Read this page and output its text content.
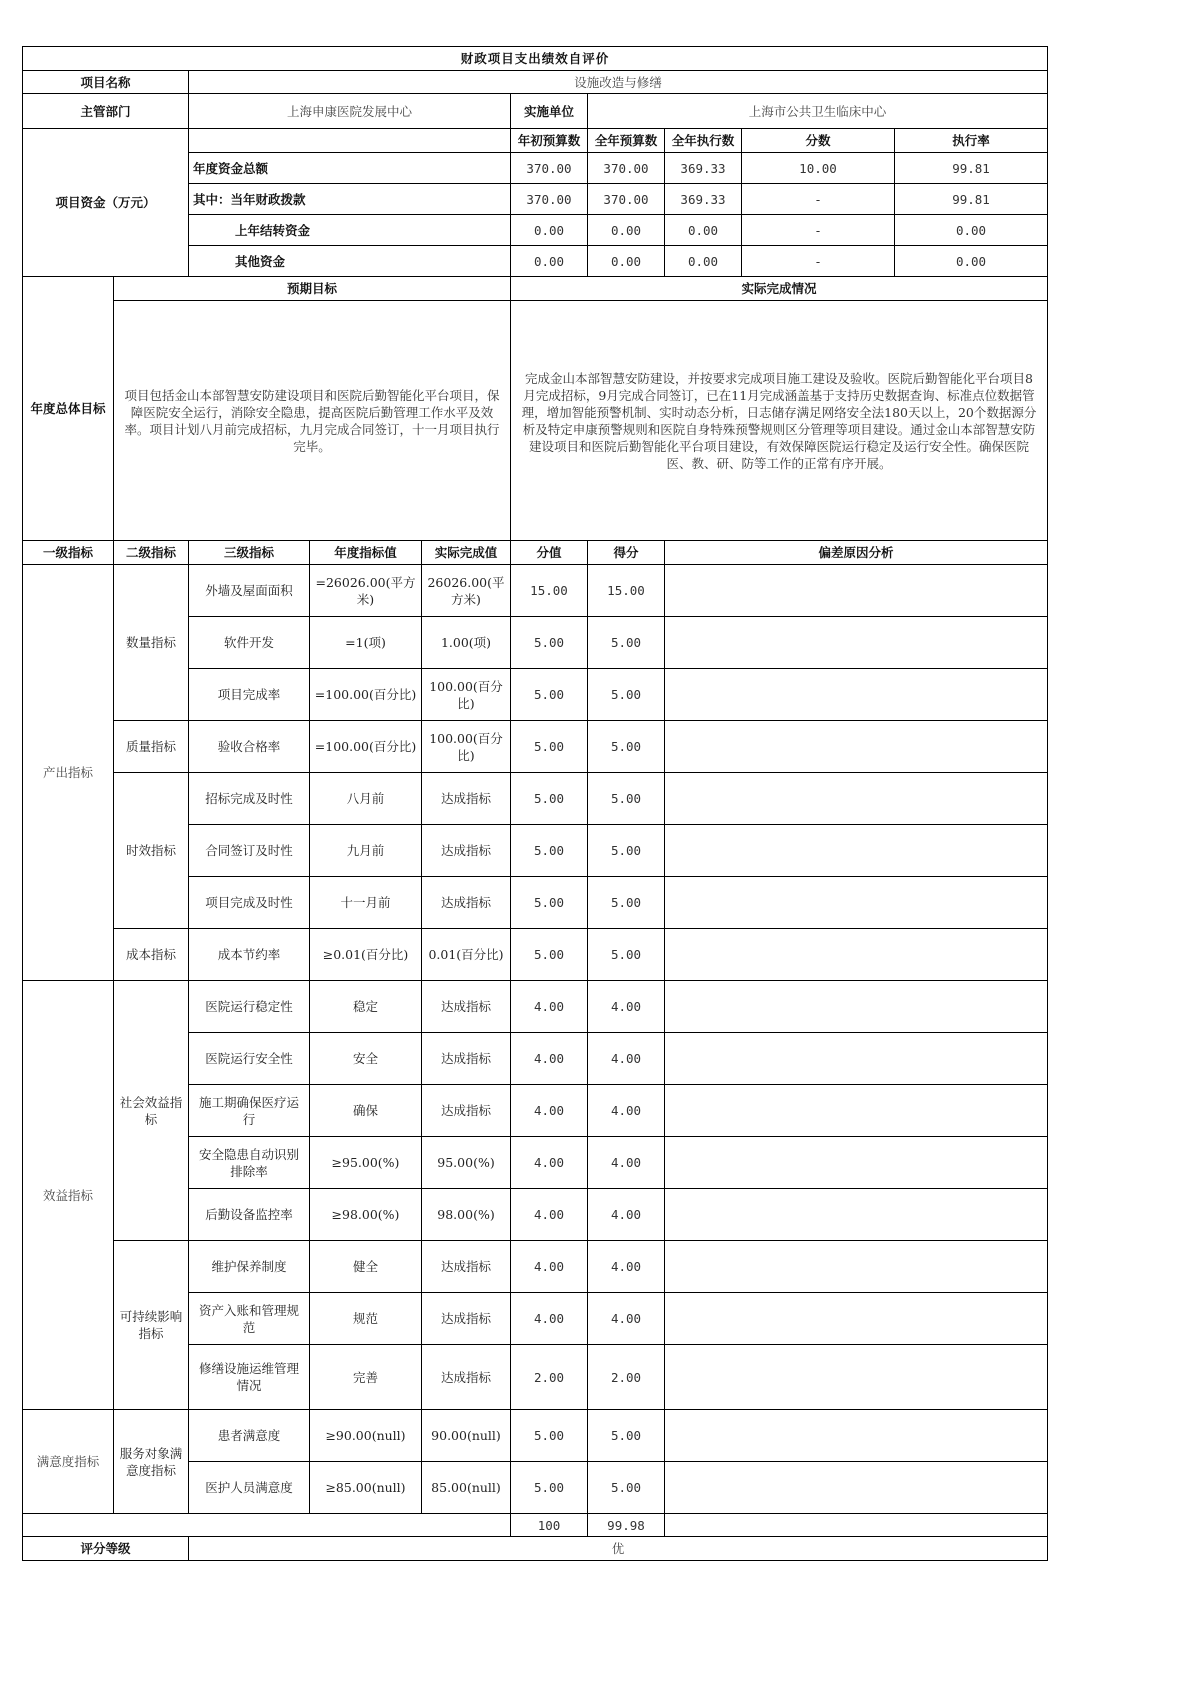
财政项目支出绩效自评价									
项目名称		设施改造与修缮							
主管部门		上海申康医院发展中心			实施单位	上海市公共卫生临床中心			
项目资金（万元）					年初预算数	全年预算数	全年执行数	分数	执行率
		年度资金总额			370.00	370.00	369.33	10.00	99.81
		其中：当年财政拨款			370.00	370.00	369.33	-	99.81
		上年结转资金			0.00	0.00	0.00	-	0.00
		其他资金			0.00	0.00	0.00	-	0.00
年度总体目标	预期目标				实际完成情况				
	项目包括金山本部智慧安防建设项目和医院后勤智能化平台项目，保障医院安全运行，消除安全隐患，提高医院后勤管理工作水平及效率。项目计划八月前完成招标，九月完成合同签订，十一月项目执行完毕。				完成金山本部智慧安防建设，并按要求完成项目施工建设及验收。医院后勤智能化平台项目8月完成招标，9月完成合同签订，已在11月完成涵盖基于支持历史数据查询、标准点位数据管理，增加智能预警机制、实时动态分析，日志储存满足网络安全法180天以上，20个数据源分析及特定申康预警规则和医院自身特殊预警规则区分管理等项目建设。通过金山本部智慧安防建设项目和医院后勤智能化平台项目建设，有效保障医院运行稳定及运行安全性。确保医院医、教、研、防等工作的正常有序开展。				
一级指标	二级指标	三级指标	年度指标值	实际完成值	分值	得分	偏差原因分析		
产出指标	数量指标	外墙及屋面面积	=26026.00(平方米)	26026.00(平方米)	15.00	15.00			
		软件开发	=1(项)	1.00(项)	5.00	5.00			
		项目完成率	=100.00(百分比)	100.00(百分比)	5.00	5.00			
	质量指标	验收合格率	=100.00(百分比)	100.00(百分比)	5.00	5.00			
	时效指标	招标完成及时性	八月前	达成指标	5.00	5.00			
		合同签订及时性	九月前	达成指标	5.00	5.00			
		项目完成及时性	十一月前	达成指标	5.00	5.00			
	成本指标	成本节约率	≥0.01(百分比)	0.01(百分比)	5.00	5.00			
效益指标	社会效益指标	医院运行稳定性	稳定	达成指标	4.00	4.00			
		医院运行安全性	安全	达成指标	4.00	4.00			
		施工期确保医疗运行	确保	达成指标	4.00	4.00			
		安全隐患自动识别排除率	≥95.00(%)	95.00(%)	4.00	4.00			
		后勤设备监控率	≥98.00(%)	98.00(%)	4.00	4.00			
	可持续影响指标	维护保养制度	健全	达成指标	4.00	4.00			
		资产入账和管理规范	规范	达成指标	4.00	4.00			
		修缮设施运维管理情况	完善	达成指标	2.00	2.00			
满意度指标	服务对象满意度指标	患者满意度	≥90.00(null)	90.00(null)	5.00	5.00			
		医护人员满意度	≥85.00(null)	85.00(null)	5.00	5.00			
					100	99.98			
评分等级		优							
